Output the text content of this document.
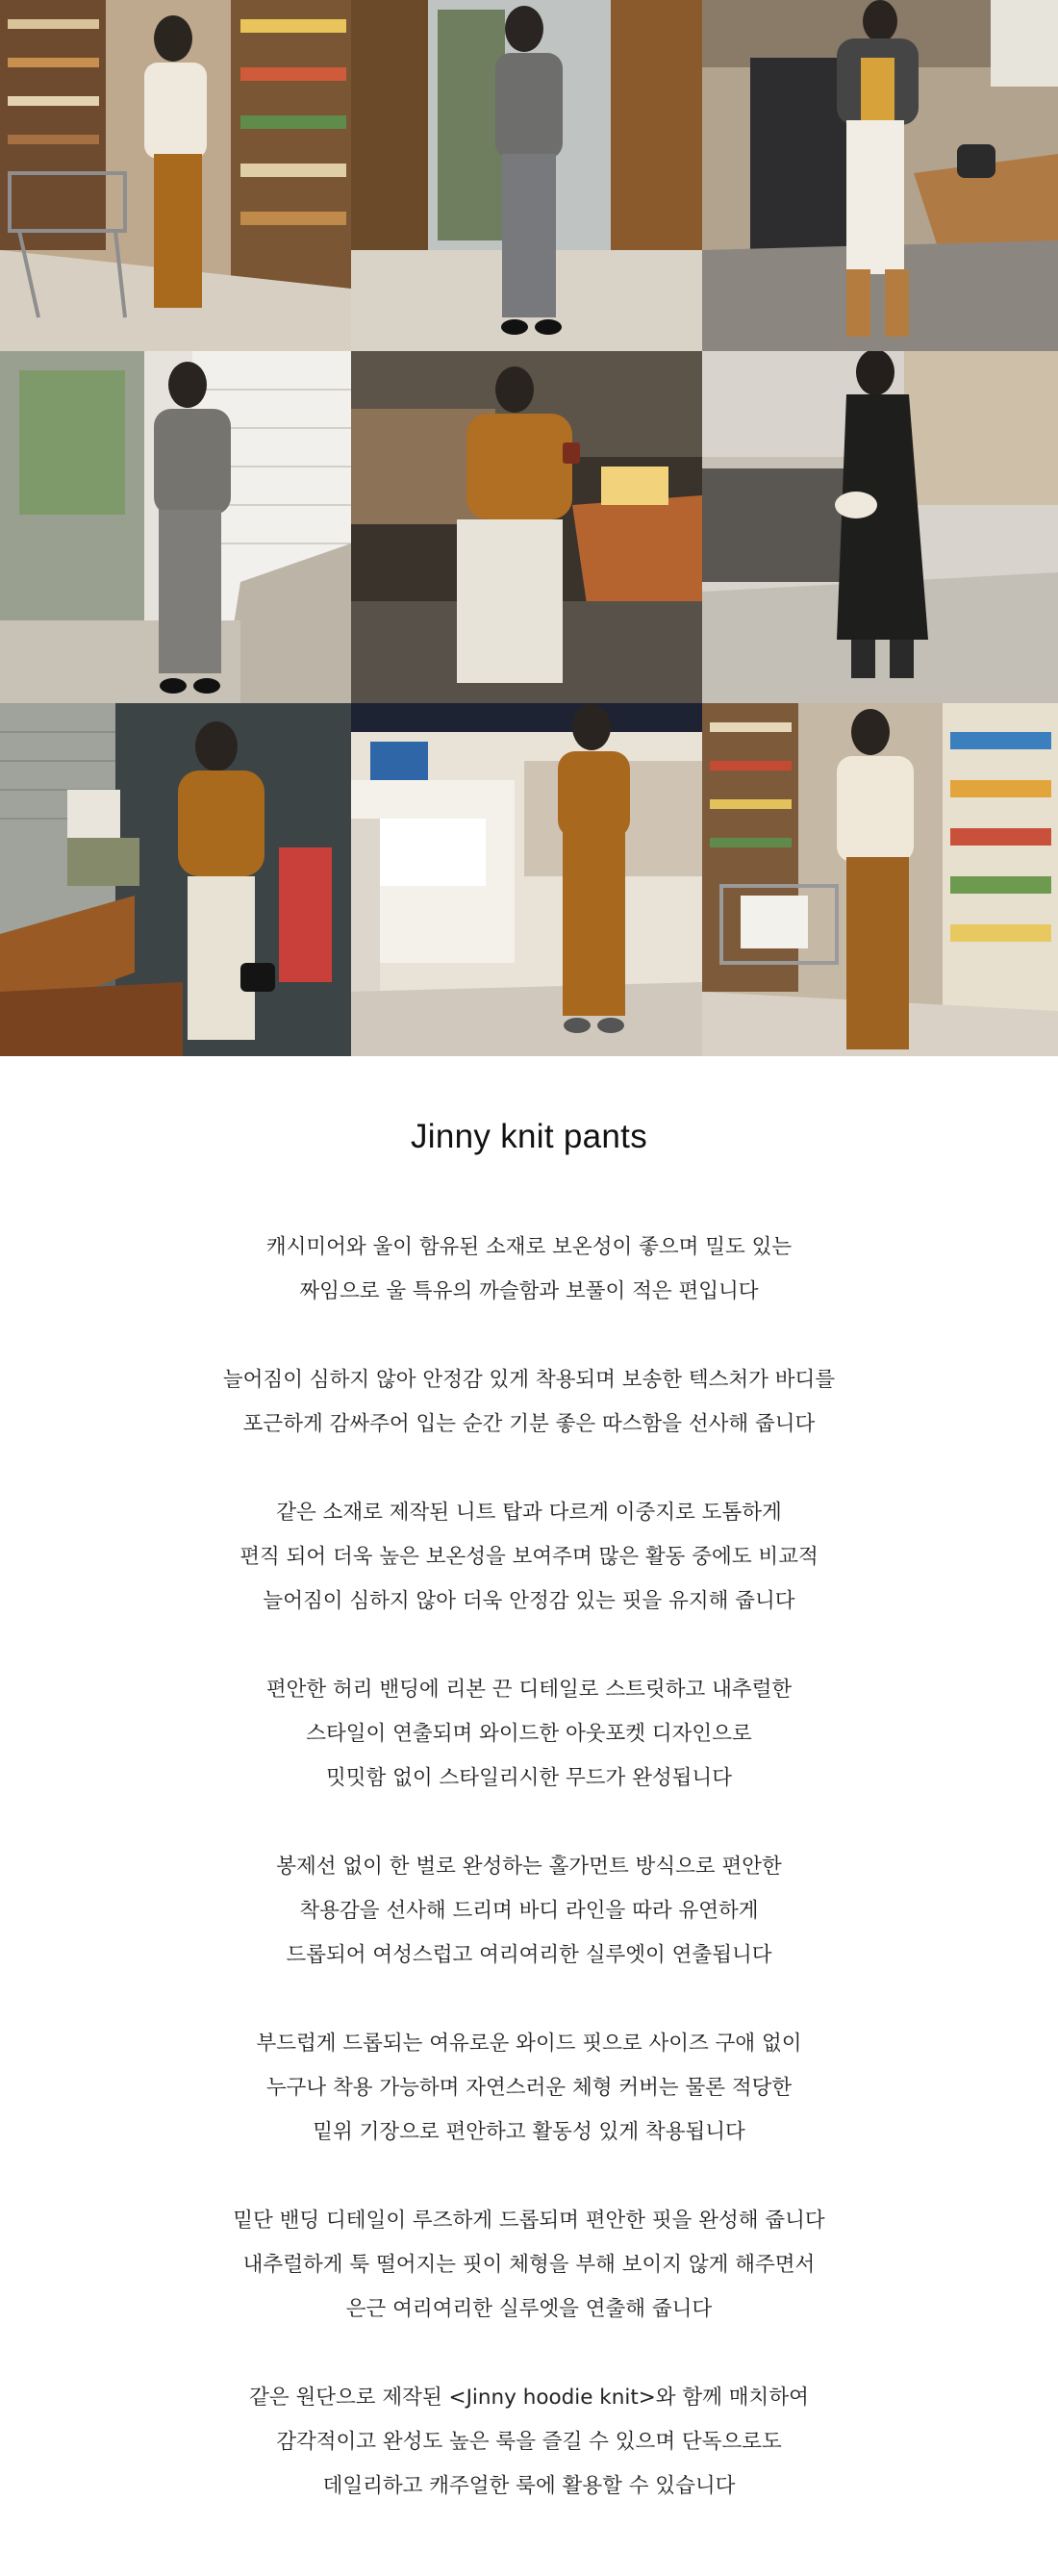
Jinny knit pants

캐시미어와 울이 함유된 소재로 보온성이 좋으며 밀도 있는
짜임으로 울 특유의 까슬함과 보풀이 적은 편입니다

늘어짐이 심하지 않아 안정감 있게 착용되며 보송한 텍스처가 바디를
포근하게 감싸주어 입는 순간 기분 좋은 따스함을 선사해 줍니다

같은 소재로 제작된 니트 탑과 다르게 이중지로 도톰하게
편직 되어 더욱 높은 보온성을 보여주며 많은 활동 중에도 비교적
늘어짐이 심하지 않아 더욱 안정감 있는 핏을 유지해 줍니다

편안한 허리 밴딩에 리본 끈 디테일로 스트릿하고 내추럴한
스타일이 연출되며 와이드한 아웃포켓 디자인으로
밋밋함 없이 스타일리시한 무드가 완성됩니다

봉제선 없이 한 벌로 완성하는 홀가먼트 방식으로 편안한
착용감을 선사해 드리며 바디 라인을 따라 유연하게
드롭되어 여성스럽고 여리여리한 실루엣이 연출됩니다

부드럽게 드롭되는 여유로운 와이드 핏으로 사이즈 구애 없이
누구나 착용 가능하며 자연스러운 체형 커버는 물론 적당한
밑위 기장으로 편안하고 활동성 있게 착용됩니다

밑단 밴딩 디테일이 루즈하게 드롭되며 편안한 핏을 완성해 줍니다
내추럴하게 툭 떨어지는 핏이 체형을 부해 보이지 않게 해주면서
은근 여리여리한 실루엣을 연출해 줍니다

같은 원단으로 제작된 <Jinny hoodie knit>와 함께 매치하여
감각적이고 완성도 높은 룩을 즐길 수 있으며 단독으로도
데일리하고 캐주얼한 룩에 활용할 수 있습니다
